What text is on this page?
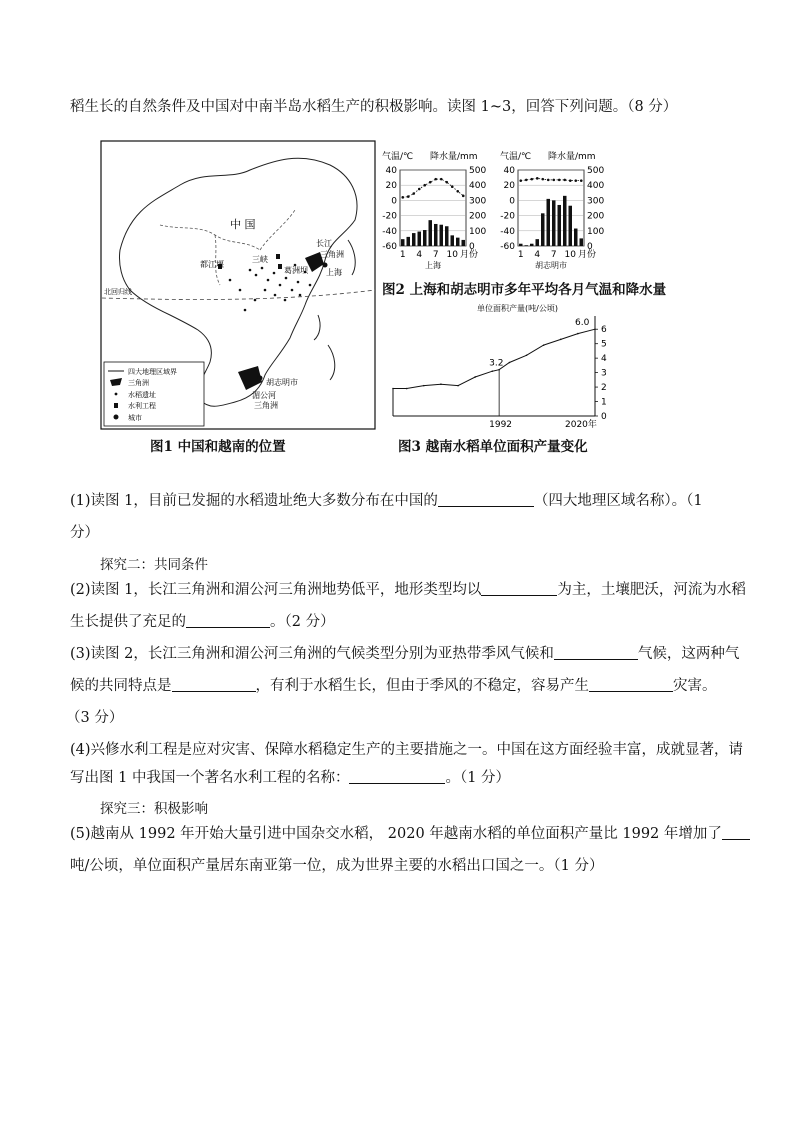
稻生长的自然条件及中国对中南半岛水稻生产的积极影响。读图 1~3，回答下列问题。（8 分）
中 国
长江
三角洲
上海
三峡
葛洲坝
都江堰
北回归线
胡志明市
湄公河
三角洲
四大地理区域界
三角洲
水稻遗址
水利工程
城市
图1 中国和越南的位置
气温/℃ 降水量/mm
40	500
20	400
0	300
-20	200
-40	100
-60	0
1 4 7 10 月份
上海
气温/℃ 降水量/mm
40	500
20	400
0	300
-20	200
-40	100
-60	0
1 4 7 10 月份
胡志明市
图2 上海和胡志明市多年平均各月气温和降水量
单位面积产量(吨/公顷)
6
5
4
3
2
1
0
3.2
6.0
1992	2020年
图3 越南水稻单位面积产量变化
(1)读图 1，目前已发掘的水稻遗址绝大多数分布在中国的	（四大地理区域名称）。（1
分）
探究二：共同条件
(2)读图 1，长江三角洲和湄公河三角洲地势低平，地形类型均以	为主，土壤肥沃，河流为水稻
生长提供了充足的	。（2 分）
(3)读图 2，长江三角洲和湄公河三角洲的气候类型分别为亚热带季风气候和	气候，这两种气
候的共同特点是	，有利于水稻生长，但由于季风的不稳定，容易产生	灾害。
（3 分）
(4)兴修水利工程是应对灾害、保障水稻稳定生产的主要措施之一。中国在这方面经验丰富，成就显著，请
写出图 1 中我国一个著名水利工程的名称：	。（1 分）
探究三：积极影响
(5)越南从 1992 年开始大量引进中国杂交水稻， 2020 年越南水稻的单位面积产量比 1992 年增加了
吨/公顷，单位面积产量居东南亚第一位，成为世界主要的水稻出口国之一。（1 分）
